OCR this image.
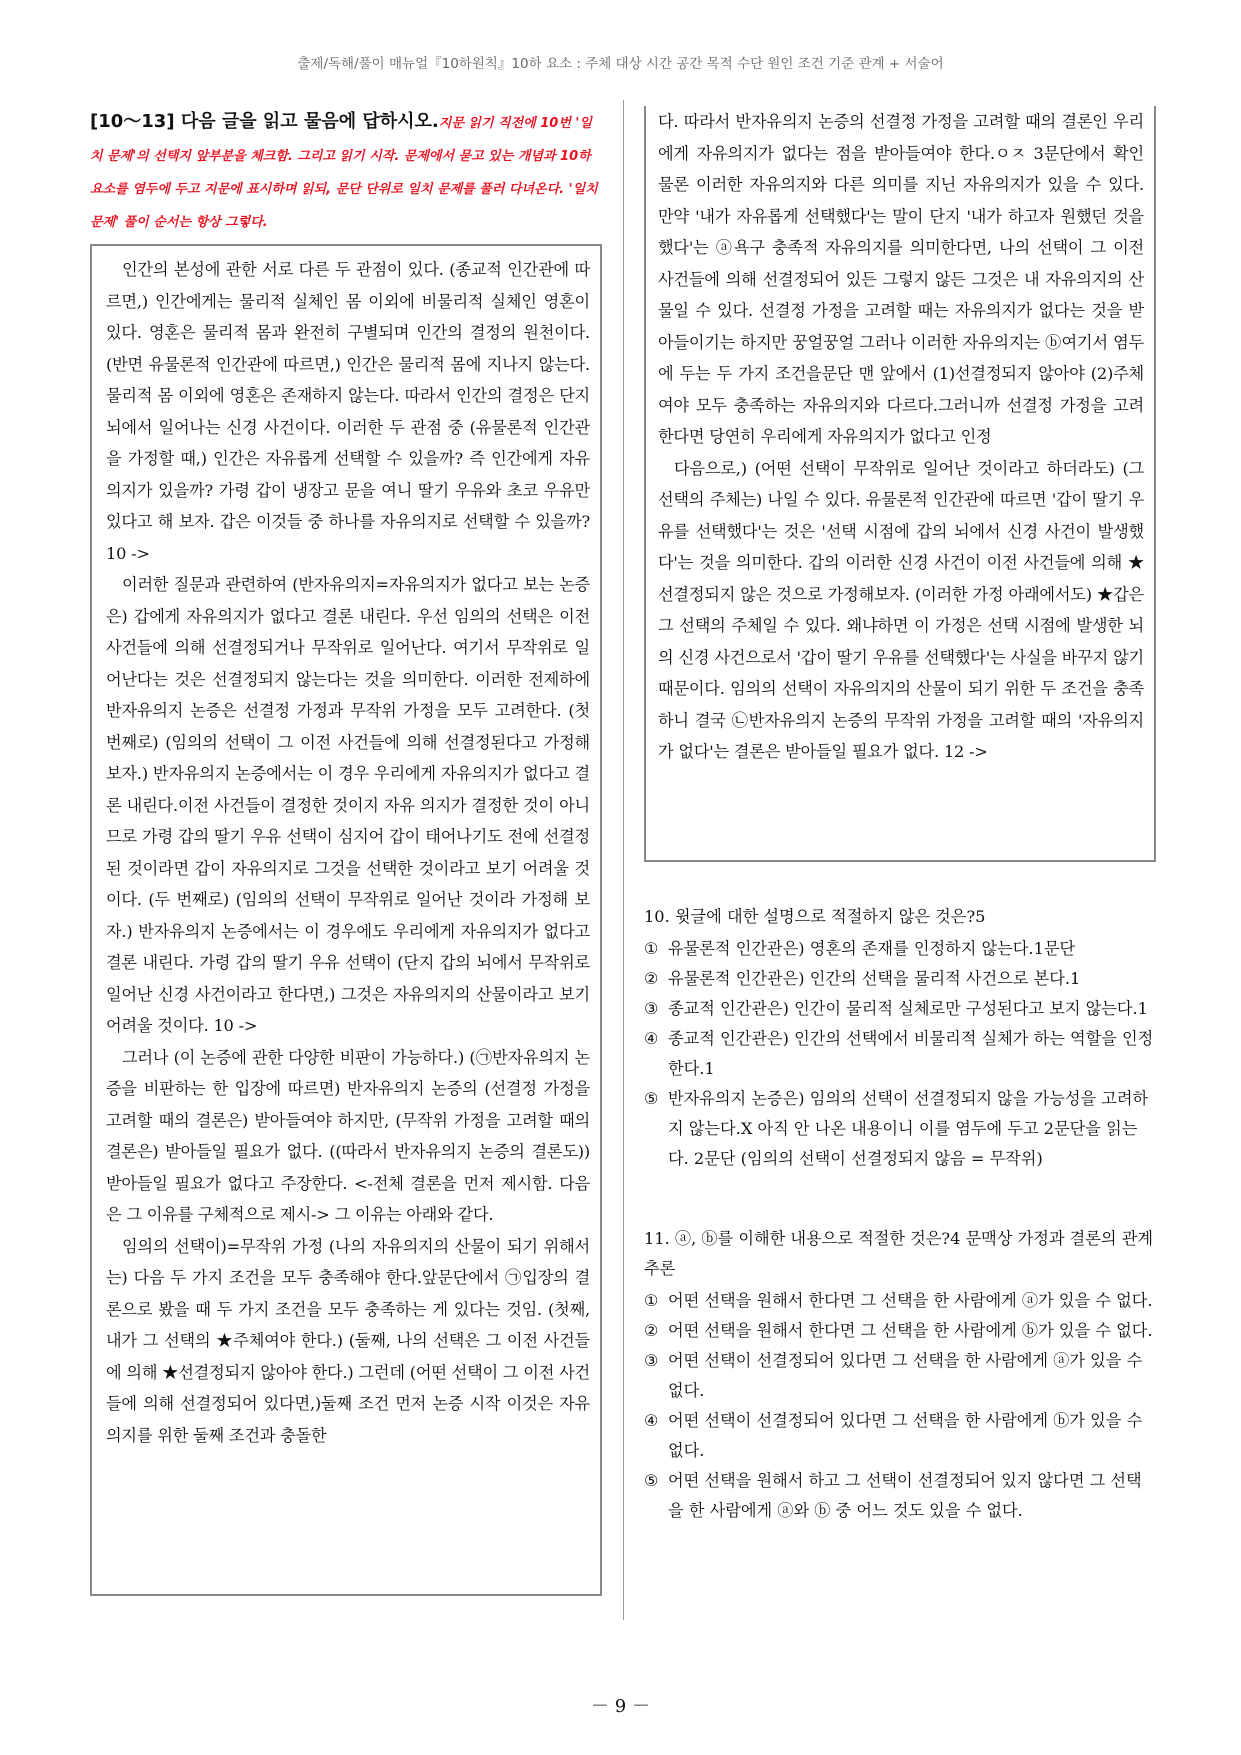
출제/독해/풀이 매뉴얼『10하원칙』10하 요소 : 주체 대상 시간 공간 목적 수단 원인 조건 기준 관계 + 서술어
[10～13] 다음 글을 읽고 물음에 답하시오.지문 읽기 직전에 10번 '일치 문제'의 선택지 앞부분을 체크함. 그리고 읽기 시작. 문제에서 묻고 있는 개념과 10하요소를 염두에 두고 지문에 표시하며 읽되, 문단 단위로 일치 문제를 풀러 다녀온다. '일치 문제' 풀이 순서는 항상 그렇다.

인간의 본성에 관한 서로 다른 두 관점이 있다. (종교적 인간관에 따르면,) 인간에게는 물리적 실체인 몸 이외에 비물리적 실체인 영혼이 있다. 영혼은 물리적 몸과 완전히 구별되며 인간의 결정의 원천이다. (반면 유물론적 인간관에 따르면,) 인간은 물리적 몸에 지나지 않는다. 물리적 몸 이외에 영혼은 존재하지 않는다. 따라서 인간의 결정은 단지 뇌에서 일어나는 신경 사건이다. 이러한 두 관점 중 (유물론적 인간관을 가정할 때,) 인간은 자유롭게 선택할 수 있을까? 즉 인간에게 자유의지가 있을까? 가령 갑이 냉장고 문을 여니 딸기 우유와 초코 우유만 있다고 해 보자. 갑은 이것들 중 하나를 자유의지로 선택할 수 있을까? 10 ->

이러한 질문과 관련하여 (반자유의지=자유의지가 없다고 보는 논증은) 갑에게 자유의지가 없다고 결론 내린다. 우선 임의의 선택은 이전 사건들에 의해 선결정되거나 무작위로 일어난다. 여기서 무작위로 일어난다는 것은 선결정되지 않는다는 것을 의미한다. 이러한 전제하에 반자유의지 논증은 선결정 가정과 무작위 가정을 모두 고려한다. (첫 번째로) (임의의 선택이 그 이전 사건들에 의해 선결정된다고 가정해 보자.) 반자유의지 논증에서는 이 경우 우리에게 자유의지가 없다고 결론 내린다.이전 사건들이 결정한 것이지 자유 의지가 결정한 것이 아니므로 가령 갑의 딸기 우유 선택이 심지어 갑이 태어나기도 전에 선결정된 것이라면 갑이 자유의지로 그것을 선택한 것이라고 보기 어려울 것이다. (두 번째로) (임의의 선택이 무작위로 일어난 것이라 가정해 보자.) 반자유의지 논증에서는 이 경우에도 우리에게 자유의지가 없다고 결론 내린다. 가령 갑의 딸기 우유 선택이 (단지 갑의 뇌에서 무작위로 일어난 신경 사건이라고 한다면,) 그것은 자유의지의 산물이라고 보기 어려울 것이다. 10 ->

그러나 (이 논증에 관한 다양한 비판이 가능하다.) (㉠반자유의지 논증을 비판하는 한 입장에 따르면) 반자유의지 논증의 (선결정 가정을 고려할 때의 결론은) 받아들여야 하지만, (무작위 가정을 고려할 때의 결론은) 받아들일 필요가 없다. ((따라서 반자유의지 논증의 결론도)) 받아들일 필요가 없다고 주장한다. <-전체 결론을 먼저 제시함. 다음은 그 이유를 구체적으로 제시-> 그 이유는 아래와 같다.

임의의 선택이)=무작위 가정 (나의 자유의지의 산물이 되기 위해서는) 다음 두 가지 조건을 모두 충족해야 한다.앞문단에서 ㉠입장의 결론으로 봤을 때 두 가지 조건을 모두 충족하는 게 있다는 것임. (첫째, 내가 그 선택의 ★주체여야 한다.) (둘째, 나의 선택은 그 이전 사건들에 의해 ★선결정되지 않아야 한다.) 그런데 (어떤 선택이 그 이전 사건들에 의해 선결정되어 있다면,)둘째 조건 먼저 논증 시작 이것은 자유의지를 위한 둘째 조건과 충돌한

다. 따라서 반자유의지 논증의 선결정 가정을 고려할 때의 결론인 우리에게 자유의지가 없다는 점을 받아들여야 한다.ㅇㅈ 3문단에서 확인 물론 이러한 자유의지와 다른 의미를 지닌 자유의지가 있을 수 있다. 만약 '내가 자유롭게 선택했다'는 말이 단지 '내가 하고자 원했던 것을 했다'는 ⓐ욕구 충족적 자유의지를 의미한다면, 나의 선택이 그 이전 사건들에 의해 선결정되어 있든 그렇지 않든 그것은 내 자유의지의 산물일 수 있다. 선결정 가정을 고려할 때는 자유의지가 없다는 것을 받아들이기는 하지만 꿍얼꿍얼 그러나 이러한 자유의지는 ⓑ여기서 염두에 두는 두 가지 조건을문단 맨 앞에서 (1)선결정되지 않아야 (2)주체여야 모두 충족하는 자유의지와 다르다.그러니까 선결정 가정을 고려한다면 당연히 우리에게 자유의지가 없다고 인정

다음으로,) (어떤 선택이 무작위로 일어난 것이라고 하더라도) (그 선택의 주체는) 나일 수 있다. 유물론적 인간관에 따르면 '갑이 딸기 우유를 선택했다'는 것은 '선택 시점에 갑의 뇌에서 신경 사건이 발생했다'는 것을 의미한다. 갑의 이러한 신경 사건이 이전 사건들에 의해 ★선결정되지 않은 것으로 가정해보자. (이러한 가정 아래에서도) ★갑은 그 선택의 주체일 수 있다. 왜냐하면 이 가정은 선택 시점에 발생한 뇌의 신경 사건으로서 '갑이 딸기 우유를 선택했다'는 사실을 바꾸지 않기 때문이다. 임의의 선택이 자유의지의 산물이 되기 위한 두 조건을 충족하니 결국 ㉡반자유의지 논증의 무작위 가정을 고려할 때의 '자유의지가 없다'는 결론은 받아들일 필요가 없다. 12 ->

10. 윗글에 대한 설명으로 적절하지 않은 것은?5

① 유물론적 인간관은) 영혼의 존재를 인정하지 않는다.1문단
② 유물론적 인간관은) 인간의 선택을 물리적 사건으로 본다.1
③ 종교적 인간관은) 인간이 물리적 실체로만 구성된다고 보지 않는다.1
④ 종교적 인간관은) 인간의 선택에서 비물리적 실체가 하는 역할을 인정한다.1
⑤ 반자유의지 논증은) 임의의 선택이 선결정되지 않을 가능성을 고려하지 않는다.X 아직 안 나온 내용이니 이를 염두에 두고 2문단을 읽는다. 2문단 (임의의 선택이 선결정되지 않음 = 무작위)

11. ⓐ, ⓑ를 이해한 내용으로 적절한 것은?4 문맥상 가정과 결론의 관계 추론

① 어떤 선택을 원해서 한다면 그 선택을 한 사람에게 ⓐ가 있을 수 없다.
② 어떤 선택을 원해서 한다면 그 선택을 한 사람에게 ⓑ가 있을 수 없다.
③ 어떤 선택이 선결정되어 있다면 그 선택을 한 사람에게 ⓐ가 있을 수 없다.
④ 어떤 선택이 선결정되어 있다면 그 선택을 한 사람에게 ⓑ가 있을 수 없다.
⑤ 어떤 선택을 원해서 하고 그 선택이 선결정되어 있지 않다면 그 선택을 한 사람에게 ⓐ와 ⓑ 중 어느 것도 있을 수 없다.
－ 9 －
